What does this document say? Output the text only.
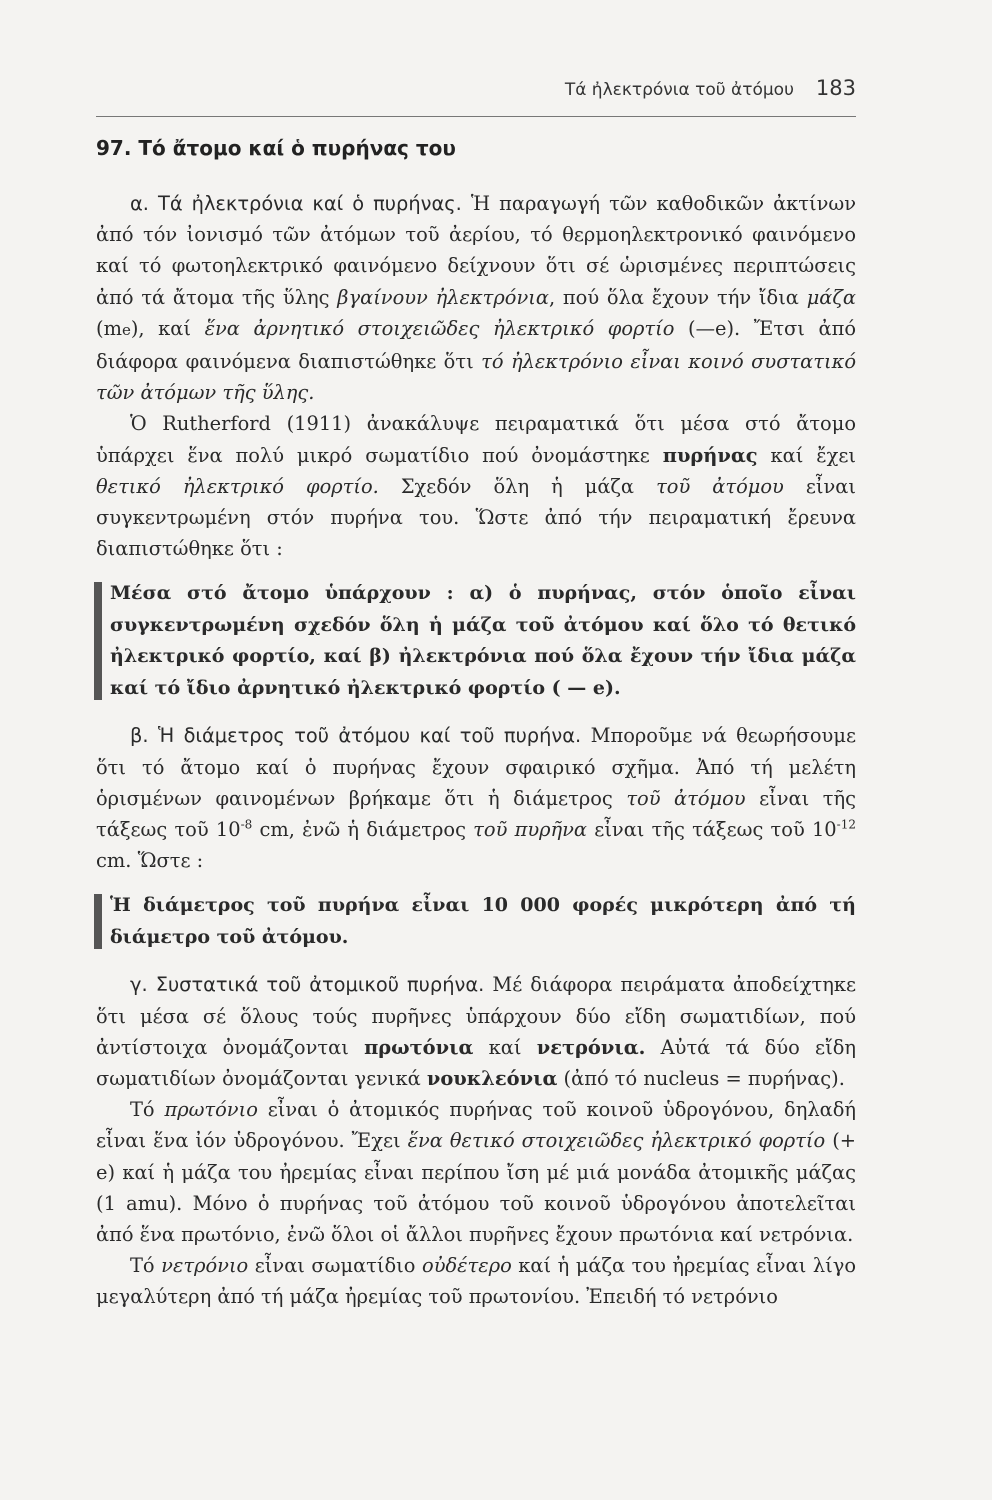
Τά ἠλεκτρόνια τοῦ ἀτόμου 183
97. Τό ἄτομο καί ὁ πυρήνας του

α. Τά ἠλεκτρόνια καί ὁ πυρήνας. Ἡ παραγωγή τῶν καθοδικῶν ἀκτίνων ἀπό τόν ἰονισμό τῶν ἀτόμων τοῦ ἀερίου, τό θερμοηλεκτρονικό φαινόμενο καί τό φωτοηλεκτρικό φαινόμενο δείχνουν ὅτι σέ ὡρισμένες περιπτώσεις ἀπό τά ἄτομα τῆς ὕλης βγαίνουν ἠλεκτρόνια, πού ὅλα ἔχουν τήν ἴδια μάζα (me), καί ἕνα ἀρνητικό στοιχειῶδες ἠλεκτρικό φορτίο (—e). Ἔτσι ἀπό διάφορα φαινόμενα διαπιστώθηκε ὅτι τό ἠλεκτρόνιο εἶναι κοινό συστατικό τῶν ἀτόμων τῆς ὕλης.

Ὁ Rutherford (1911) ἀνακάλυψε πειραματικά ὅτι μέσα στό ἄτομο ὑπάρχει ἕνα πολύ μικρό σωματίδιο πού ὀνομάστηκε πυρήνας καί ἔχει θετικό ἠλεκτρικό φορτίο. Σχεδόν ὅλη ἡ μάζα τοῦ ἀτόμου εἶναι συγκεντρωμένη στόν πυρήνα του. Ὥστε ἀπό τήν πειραματική ἔρευνα διαπιστώθηκε ὅτι :

Μέσα στό ἄτομο ὑπάρχουν : α) ὁ πυρήνας, στόν ὁποῖο εἶναι συγκεντρωμένη σχεδόν ὅλη ἡ μάζα τοῦ ἀτόμου καί ὅλο τό θετικό ἠλεκτρικό φορτίο, καί β) ἠλεκτρόνια πού ὅλα ἔχουν τήν ἴδια μάζα καί τό ἴδιο ἀρνητικό ἠλεκτρικό φορτίο ( — e).

β. Ἡ διάμετρος τοῦ ἀτόμου καί τοῦ πυρήνα. Μποροῦμε νά θεωρήσουμε ὅτι τό ἄτομο καί ὁ πυρήνας ἔχουν σφαιρικό σχῆμα. Ἀπό τή μελέτη ὁρισμένων φαινομένων βρήκαμε ὅτι ἡ διάμετρος τοῦ ἀτόμου εἶναι τῆς τάξεως τοῦ $10^{-8}$ cm, ἐνῶ ἡ διάμετρος τοῦ πυρῆνα εἶναι τῆς τάξεως τοῦ $10^{-12}$ cm. Ὥστε :

Ἡ διάμετρος τοῦ πυρήνα εἶναι 10 000 φορές μικρότερη ἀπό τή διάμετρο τοῦ ἀτόμου.

γ. Συστατικά τοῦ ἀτομικοῦ πυρήνα. Μέ διάφορα πειράματα ἀποδείχτηκε ὅτι μέσα σέ ὅλους τούς πυρῆνες ὑπάρχουν δύο εἴδη σωματιδίων, πού ἀντίστοιχα ὀνομάζονται πρωτόνια καί νετρόνια. Αὐτά τά δύο εἴδη σωματιδίων ὀνομάζονται γενικά νουκλεόνια (ἀπό τό nucleus = πυρήνας).

Τό πρωτόνιο εἶναι ὁ ἀτομικός πυρήνας τοῦ κοινοῦ ὑδρογόνου, δηλαδή εἶναι ἕνα ἰόν ὑδρογόνου. Ἔχει ἕνα θετικό στοιχειῶδες ἠλεκτρικό φορτίο (+ e) καί ἡ μάζα του ἠρεμίας εἶναι περίπου ἴση μέ μιά μονάδα ἀτομικῆς μάζας (1 amu). Μόνο ὁ πυρήνας τοῦ ἀτόμου τοῦ κοινοῦ ὑδρογόνου ἀποτελεῖται ἀπό ἕνα πρωτόνιο, ἐνῶ ὅλοι οἱ ἄλλοι πυρῆνες ἔχουν πρωτόνια καί νετρόνια.

Τό νετρόνιο εἶναι σωματίδιο οὐδέτερο καί ἡ μάζα του ἠρεμίας εἶναι λίγο μεγαλύτερη ἀπό τή μάζα ἠρεμίας τοῦ πρωτονίου. Ἐπειδή τό νετρόνιο
